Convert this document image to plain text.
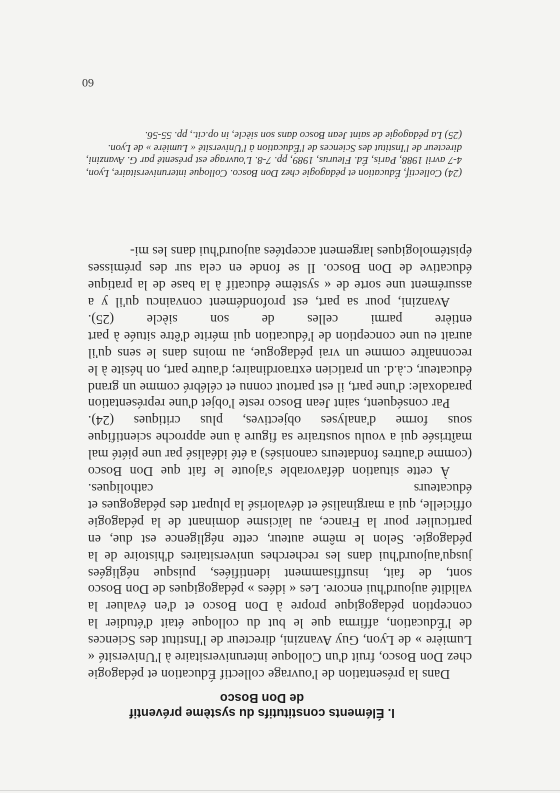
I. Éléments constitutifs du système préventif
de Don Bosco

Dans la présentation de l'ouvrage collectif Éducation et pédagogie chez Don Bosco, fruit d'un Colloque interuniversitaire à l'Université « Lumière » de Lyon, Guy Avanzini, directeur de l'Institut des Sciences de l'Éducation, affirma que le but du colloque était d'étudier la conception pédagogique propre à Don Bosco et d'en évaluer la validité aujourd'hui encore. Les « idées » pédagogiques de Don Bosco sont, de fait, insuffisamment identifiées, puisque négligées jusqu'aujourd'hui dans les recherches universitaires d'histoire de la pédagogie. Selon le même auteur, cette négligence est due, en particulier pour la France, au laïcisme dominant de la pédagogie officielle, qui a marginalisé et dévalorisé la plupart des pédagogues et éducateurs catholiques.

À cette situation défavorable s'ajoute le fait que Don Bosco (comme d'autres fondateurs canonisés) a été idéalisé par une piété mal maîtrisée qui a voulu soustraire sa figure à une approche scientifique sous forme d'analyses objectives, plus critiques (24).

Par conséquent, saint Jean Bosco reste l'objet d'une représentation paradoxale: d'une part, il est partout connu et célébré comme un grand éducateur, c.à.d. un praticien extraordinaire; d'autre part, on hésite à le reconnaître comme un vrai pédagogue, au moins dans le sens qu'il aurait eu une conception de l'éducation qui mérite d'être située à part entière parmi celles de son siècle (25).

Avanzini, pour sa part, est profondément convaincu qu'il y a assurément une sorte de « système éducatif à la base de la pratique éducative de Don Bosco. Il se fonde en cela sur des prémisses épistémologiques largement acceptées aujourd'hui dans les mi-

(24) Collectif, Éducation et pédagogie chez Don Bosco. Colloque interuniversitaire, Lyon, 4-7 avril 1988, Paris, Éd. Fleurus, 1989, pp. 7-8. L'ouvrage est présenté par G. Avanzini, directeur de l'Institut des Sciences de l'Éducation à l'Université « Lumière » de Lyon.
(25) La pédagogie de saint Jean Bosco dans son siècle, in op.cit., pp. 55-56.
60
